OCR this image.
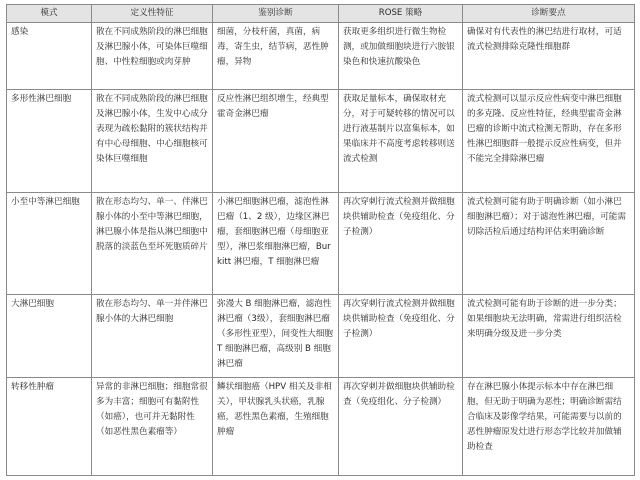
模式	定义性特征	鉴别诊断	ROSE 策略	诊断要点
感染	散在不同成熟阶段的淋巴细胞及淋巴腺小体，可染体巨噬细胞、中性粒细胞或肉芽肿	细菌，分枝杆菌，真菌，病毒，寄生虫，结节病，恶性肿瘤，异物	获取更多组织进行微生物检测，或加做细胞块进行六胺银染色和快速抗酸染色	确保对有代表性的淋巴结进行取材，可适流式检测排除克隆性细胞群
多形性淋巴细胞	散在不同成熟阶段的淋巴细胞及淋巴腺小体，生发中心成分表现为疏松黏附的簇状结构并有中心母细胞、中心细胞核可染体巨噬细胞	反应性淋巴组织增生，经典型霍奇金淋巴瘤	获取足量标本，确保取材充分，对于可疑转移的情况可以进行液基制片以富集标本，如果临床并不高度考虑转移则送流式检测	流式检测可以显示反应性病变中淋巴细胞的多克隆、反应性特征，经典型霍奇金淋巴瘤的诊断中流式检测无帮助，存在多形性淋巴细胞群一般提示反应性病变，但并不能完全排除淋巴瘤
小至中等淋巴细胞	散在形态均匀、单一、伴淋巴腺小体的小至中等淋巴细胞，淋巴腺小体是指从淋巴细胞中脱落的淡蓝色至坏死胞质碎片	小淋巴细胞淋巴瘤，滤泡性淋巴瘤（1、2 级），边缘区淋巴瘤，套细胞淋巴瘤（母细胞亚型），淋巴浆细胞淋巴瘤，Burkitt 淋巴瘤，T 细胞淋巴瘤	再次穿刺行流式检测并做细胞块供辅助检查（免疫组化、分子检测）	流式检测可能有助于明确诊断（如小淋巴细胞淋巴瘤）；对于滤泡性淋巴瘤，可能需切除活检后通过结构评估来明确诊断
大淋巴细胞	散在形态均匀、单一并伴淋巴腺小体的大淋巴细胞	弥漫大 B 细胞淋巴瘤，滤泡性淋巴瘤（3级），套细胞淋巴瘤（多形性亚型），间变性大细胞 T 细胞淋巴瘤，高级别 B 细胞淋巴瘤	再次穿刺行流式检测并做细胞块供辅助检查（免疫组化、分子检测）	流式检测可能有助于诊断的进一步分类；如果细胞块无法明确，常需进行组织活检来明确分级及进一步分类
转移性肿瘤	异常的非淋巴细胞；细胞常很多为丰富；细胞可有黏附性（如癌），也可并无黏附性（如恶性黑色素瘤等）	鳞状细胞癌（HPV 相关及非相关），甲状腺乳头状癌，乳腺癌，恶性黑色素瘤，生殖细胞肿瘤	再次穿刺并做细胞块供辅助检查（免疫组化、分子检测）	存在淋巴腺小体提示标本中存在淋巴细胞，但无助于明确为恶性；明确诊断需结合临床及影像学结果，可能需要与以前的恶性肿瘤原发灶进行形态学比较并加做辅助检查
